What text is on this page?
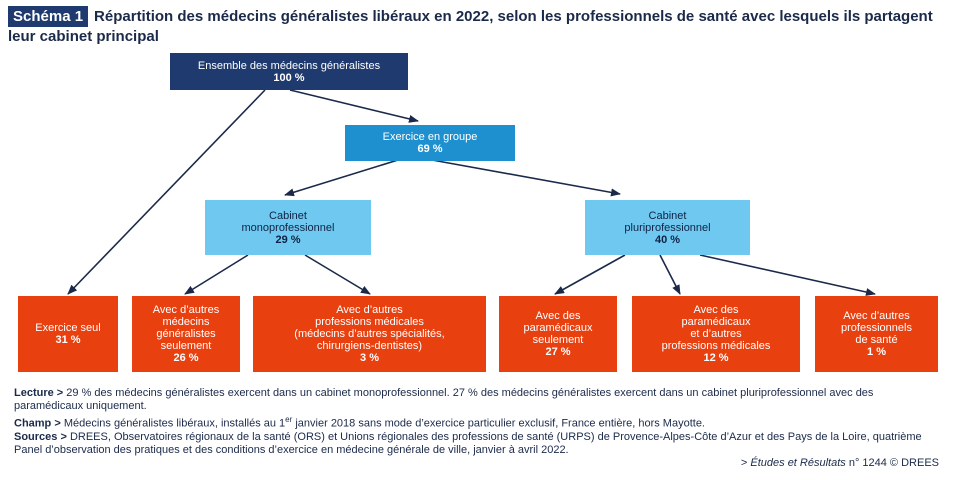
Schéma 1 Répartition des médecins généralistes libéraux en 2022, selon les professionnels de santé avec lesquels ils partagent leur cabinet principal
Ensemble des médecins généralistes
100 %
Exercice en groupe
69 %
Cabinet
monoprofessionnel
29 %
Cabinet
pluriprofessionnel
40 %
Exercice seul
31 %
Avec d’autres
médecins
généralistes
seulement
26 %
Avec d’autres
professions médicales
(médecins d’autres spécialités,
chirurgiens-dentistes)
3 %
Avec des
paramédicaux
seulement
27 %
Avec des
paramédicaux
et d’autres
professions médicales
12 %
Avec d’autres
professionnels
de santé
1 %

Lecture > 29 % des médecins généralistes exercent dans un cabinet monoprofessionnel. 27 % des médecins généralistes exercent dans un cabinet pluriprofessionnel avec des paramédicaux uniquement.

Champ > Médecins généralistes libéraux, installés au 1er janvier 2018 sans mode d’exercice particulier exclusif, France entière, hors Mayotte.

Sources > DREES, Observatoires régionaux de la santé (ORS) et Unions régionales des professions de santé (URPS) de Provence-Alpes-Côte d’Azur et des Pays de la Loire, quatrième Panel d’observation des pratiques et des conditions d’exercice en médecine générale de ville, janvier à avril 2022.

> Études et Résultats n° 1244 © DREES
